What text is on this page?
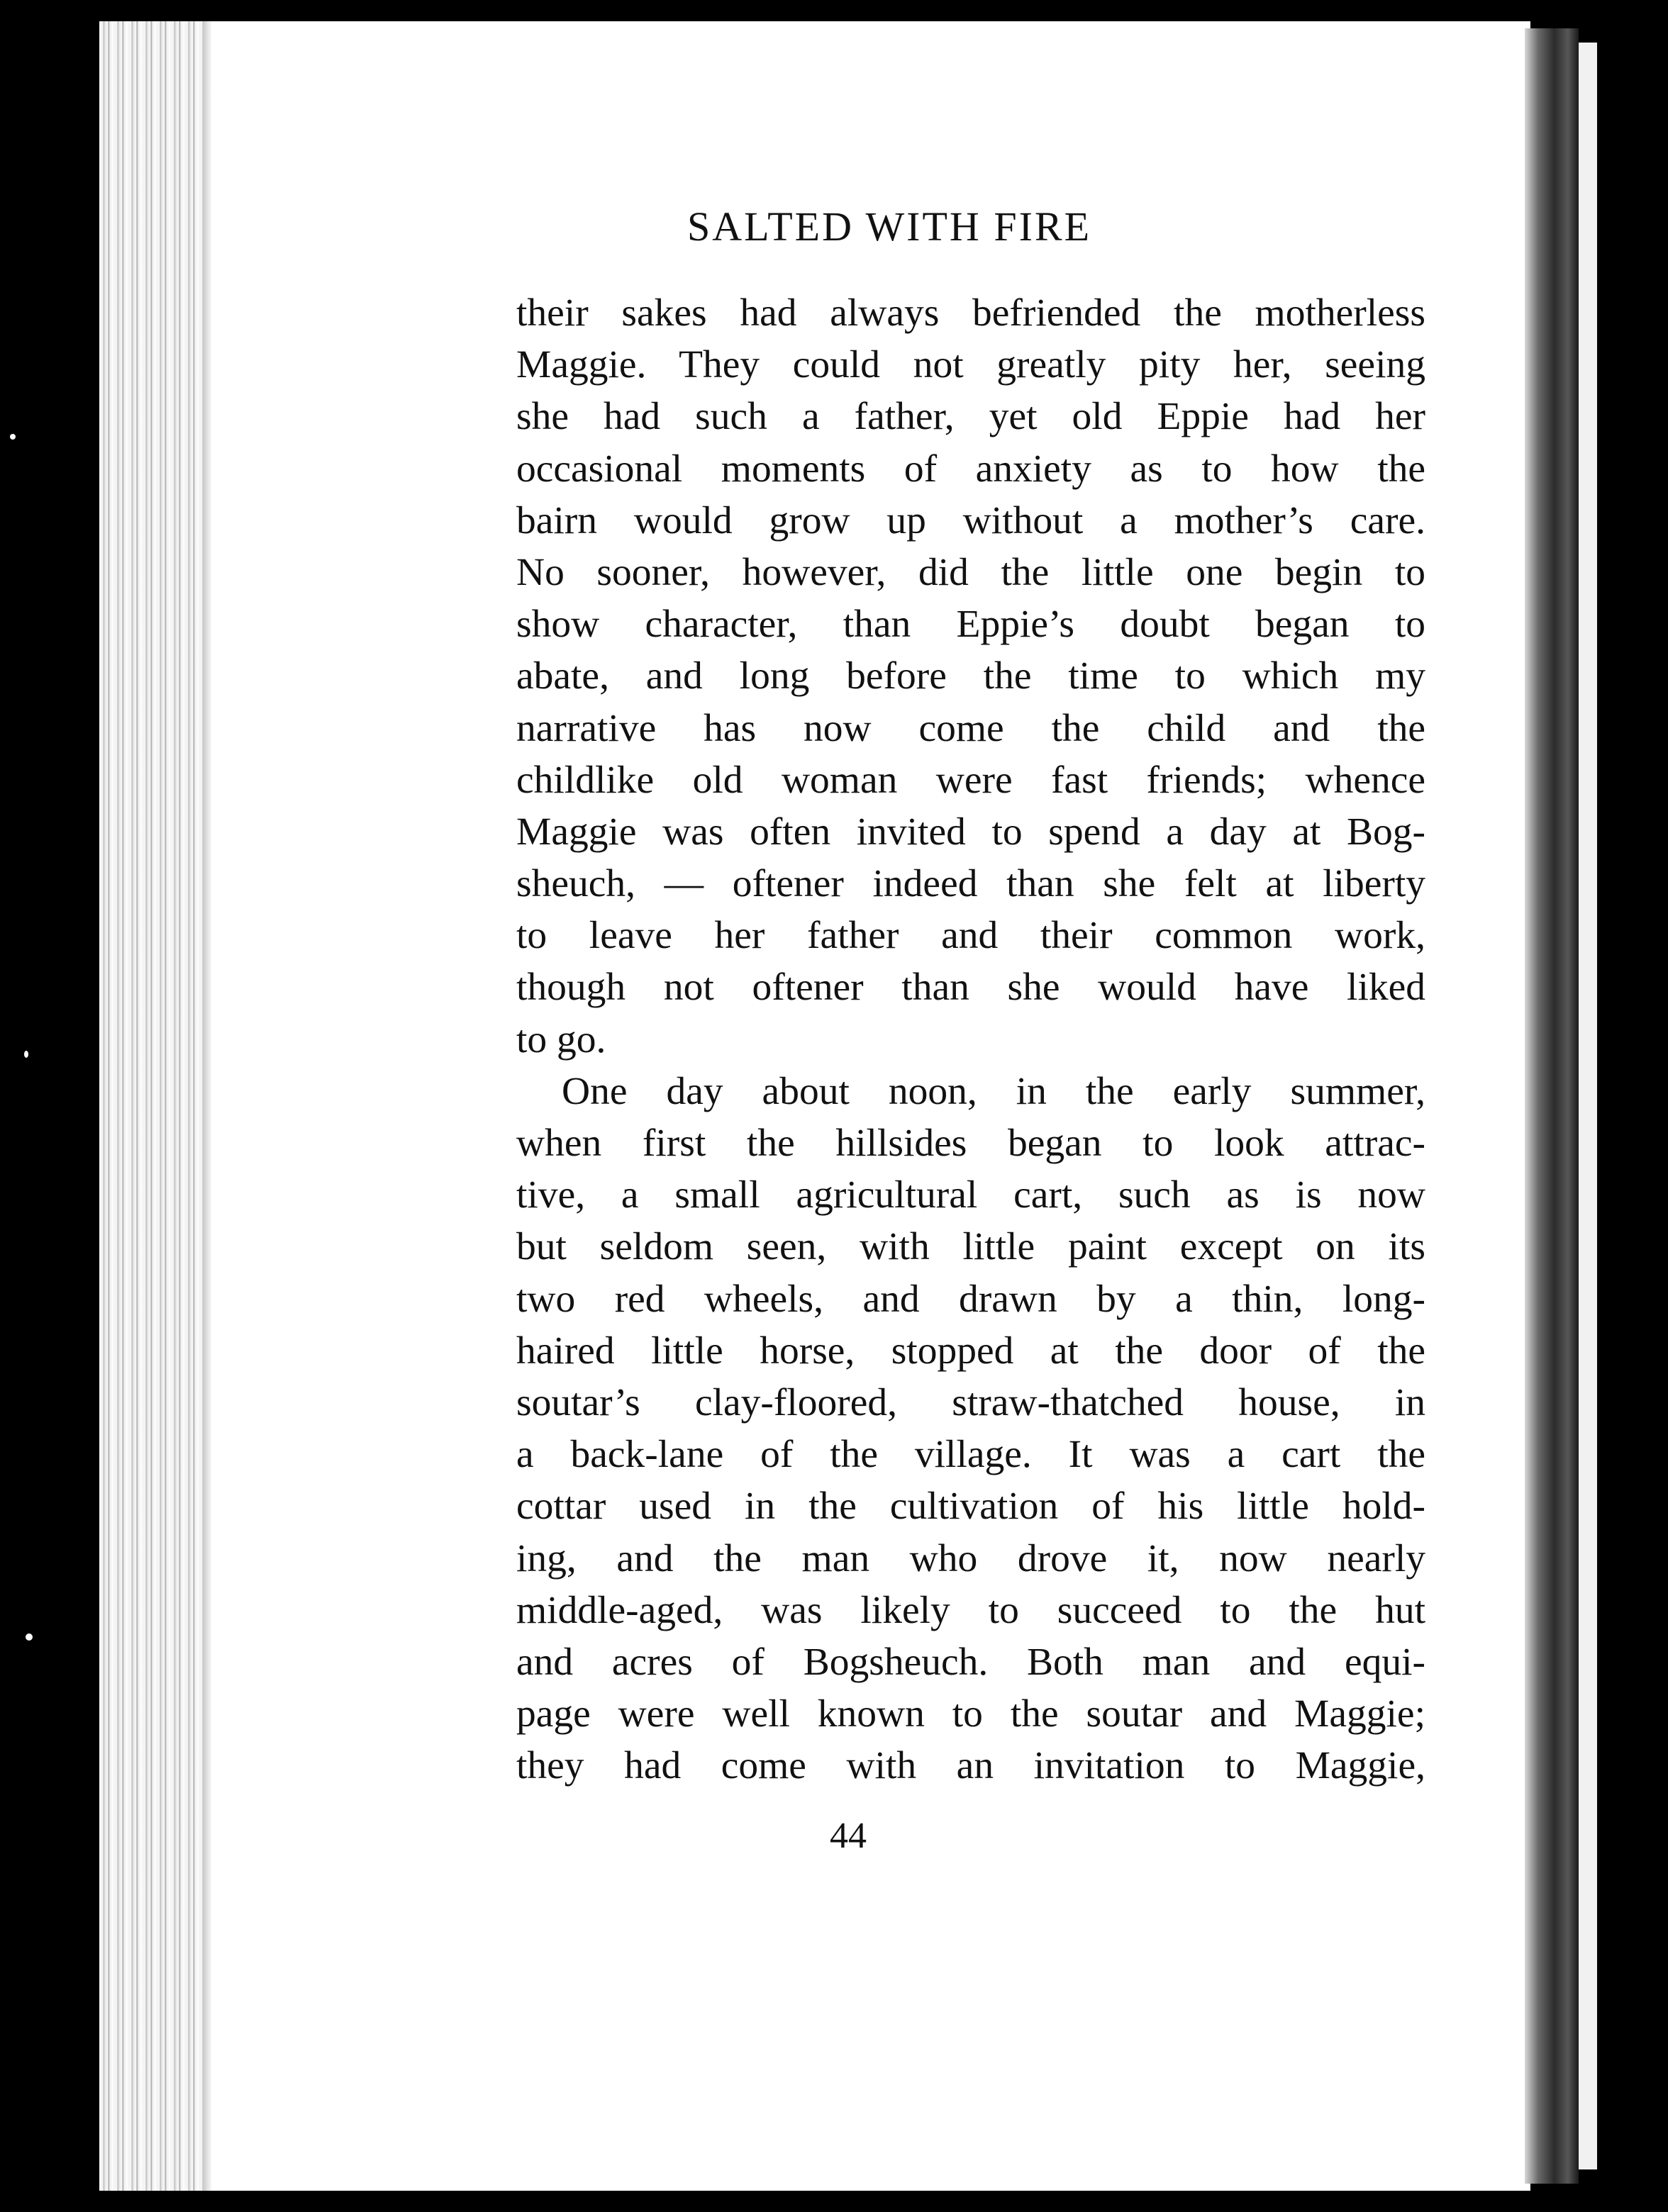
SALTED WITH FIRE
their sakes had always befriended the motherless
Maggie. They could not greatly pity her, seeing
she had such a father, yet old Eppie had her
occasional moments of anxiety as to how the
bairn would grow up without a mother’s care.
No sooner, however, did the little one begin to
show character, than Eppie’s doubt began to
abate, and long before the time to which my
narrative has now come the child and the
childlike old woman were fast friends; whence
Maggie was often invited to spend a day at Bog-
sheuch, — oftener indeed than she felt at liberty
to leave her father and their common work,
though not oftener than she would have liked
to go.
One day about noon, in the early summer,
when first the hillsides began to look attrac-
tive, a small agricultural cart, such as is now
but seldom seen, with little paint except on its
two red wheels, and drawn by a thin, long-
haired little horse, stopped at the door of the
soutar’s clay-floored, straw-thatched house, in
a back-lane of the village. It was a cart the
cottar used in the cultivation of his little hold-
ing, and the man who drove it, now nearly
middle-aged, was likely to succeed to the hut
and acres of Bogsheuch. Both man and equi-
page were well known to the soutar and Maggie;
they had come with an invitation to Maggie,
44
